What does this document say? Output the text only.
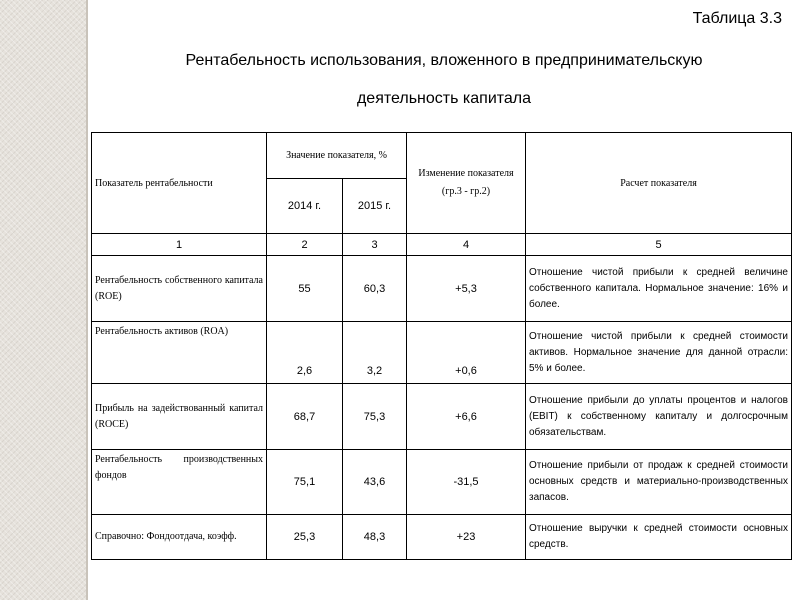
Таблица 3.3
Рентабельность использования, вложенного в предпринимательскую
деятельность капитала
Показатель рентабельности	Значение показателя, %		Изменение показателя (гр.3 - гр.2)	Расчет показателя
	2014 г.	2015 г.		
1	2	3	4	5
Рентабельность собственного капитала (ROE)	55	60,3	+5,3	Отношение чистой прибыли к средней величине собственного капитала. Нормальное значение: 16% и более.
Рентабельность активов (ROA)	2,6	3,2	+0,6	Отношение чистой прибыли к средней стоимости активов. Нормальное значение для данной отрасли: 5% и более.
Прибыль на задействованный капитал (ROCE)	68,7	75,3	+6,6	Отношение прибыли до уплаты процентов и налогов (EBIT) к собственному капиталу и долгосрочным обязательствам.
Рентабельность производственных фондов	75,1	43,6	-31,5	Отношение прибыли от продаж к средней стоимости основных средств и материально-производственных запасов.
Справочно: Фондоотдача, коэфф.	25,3	48,3	+23	Отношение выручки к средней стоимости основных средств.
